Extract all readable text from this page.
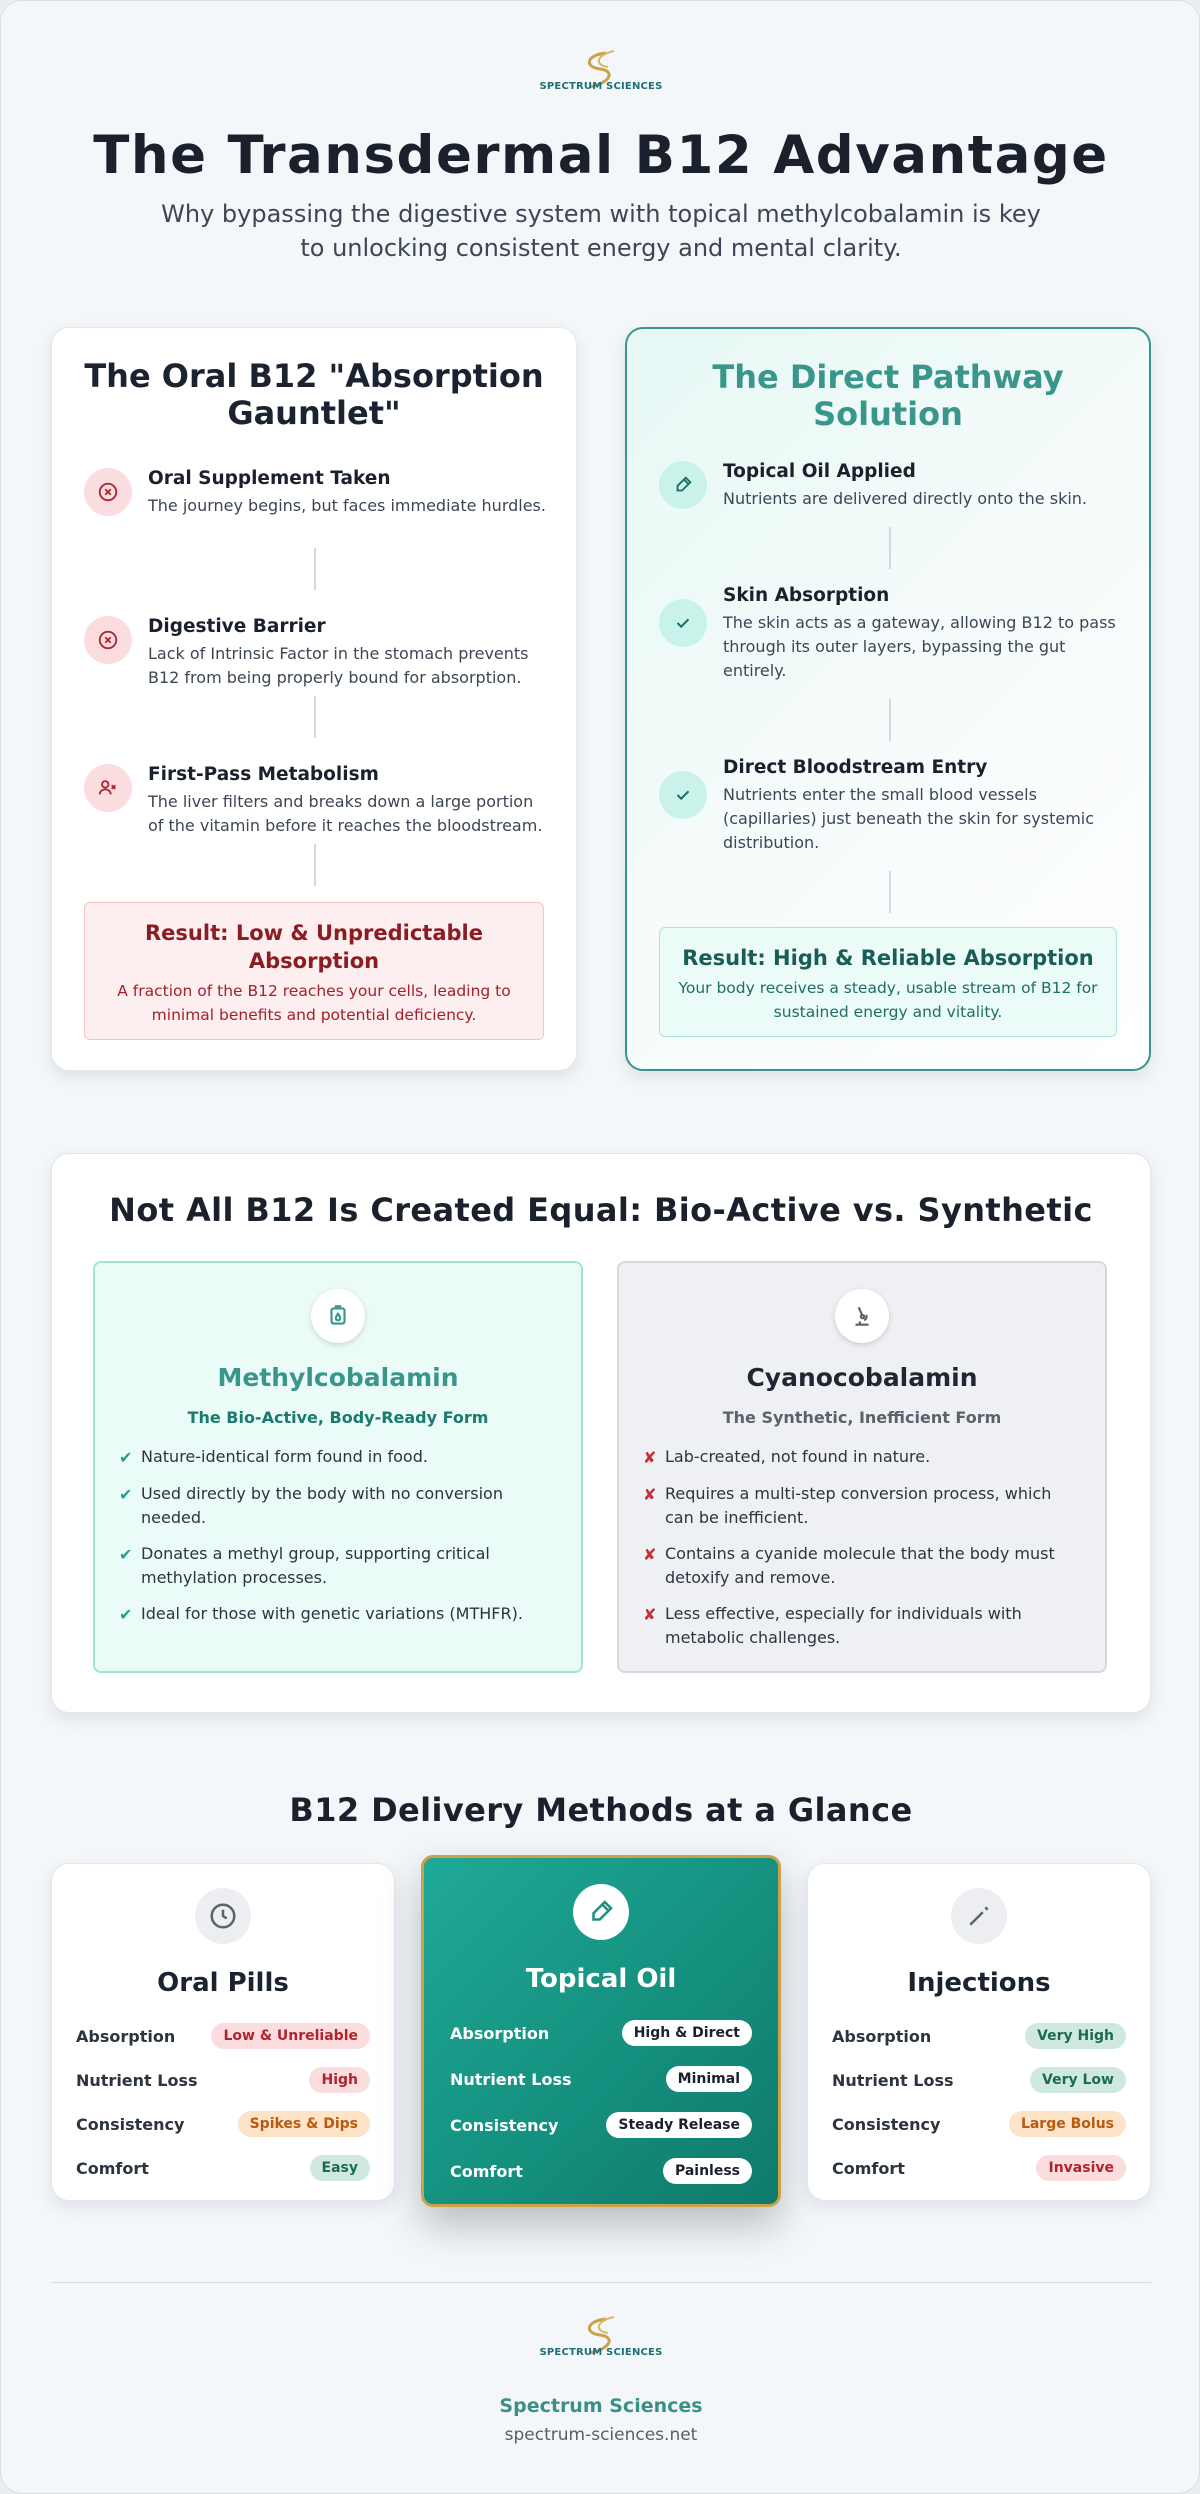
SPECTRUM SCIENCES
The Transdermal B12 Advantage
Why bypassing the digestive system with topical methylcobalamin is key to unlocking consistent energy and mental clarity.
The Oral B12 "Absorption Gauntlet"
Oral Supplement Taken
The journey begins, but faces immediate hurdles.
Digestive Barrier
Lack of Intrinsic Factor in the stomach prevents B12 from being properly bound for absorption.
First-Pass Metabolism
The liver filters and breaks down a large portion of the vitamin before it reaches the bloodstream.
Result: Low & Unpredictable Absorption
A fraction of the B12 reaches your cells, leading to minimal benefits and potential deficiency.
The Direct Pathway Solution
Topical Oil Applied
Nutrients are delivered directly onto the skin.
Skin Absorption
The skin acts as a gateway, allowing B12 to pass through its outer layers, bypassing the gut entirely.
Direct Bloodstream Entry
Nutrients enter the small blood vessels (capillaries) just beneath the skin for systemic distribution.
Result: High & Reliable Absorption
Your body receives a steady, usable stream of B12 for sustained energy and vitality.
Not All B12 Is Created Equal: Bio-Active vs. Synthetic
Methylcobalamin
The Bio-Active, Body-Ready Form
✔ Nature-identical form found in food.
✔ Used directly by the body with no conversion needed.
✔ Donates a methyl group, supporting critical methylation processes.
✔ Ideal for those with genetic variations (MTHFR).
Cyanocobalamin
The Synthetic, Inefficient Form
✘ Lab-created, not found in nature.
✘ Requires a multi-step conversion process, which can be inefficient.
✘ Contains a cyanide molecule that the body must detoxify and remove.
✘ Less effective, especially for individuals with metabolic challenges.
B12 Delivery Methods at a Glance
Oral Pills
Absorption	Low & Unreliable
Nutrient Loss	High
Consistency	Spikes & Dips
Comfort	Easy
Topical Oil
Absorption	High & Direct
Nutrient Loss	Minimal
Consistency	Steady Release
Comfort	Painless
Injections
Absorption	Very High
Nutrient Loss	Very Low
Consistency	Large Bolus
Comfort	Invasive
SPECTRUM SCIENCES
Spectrum Sciences
spectrum-sciences.net
